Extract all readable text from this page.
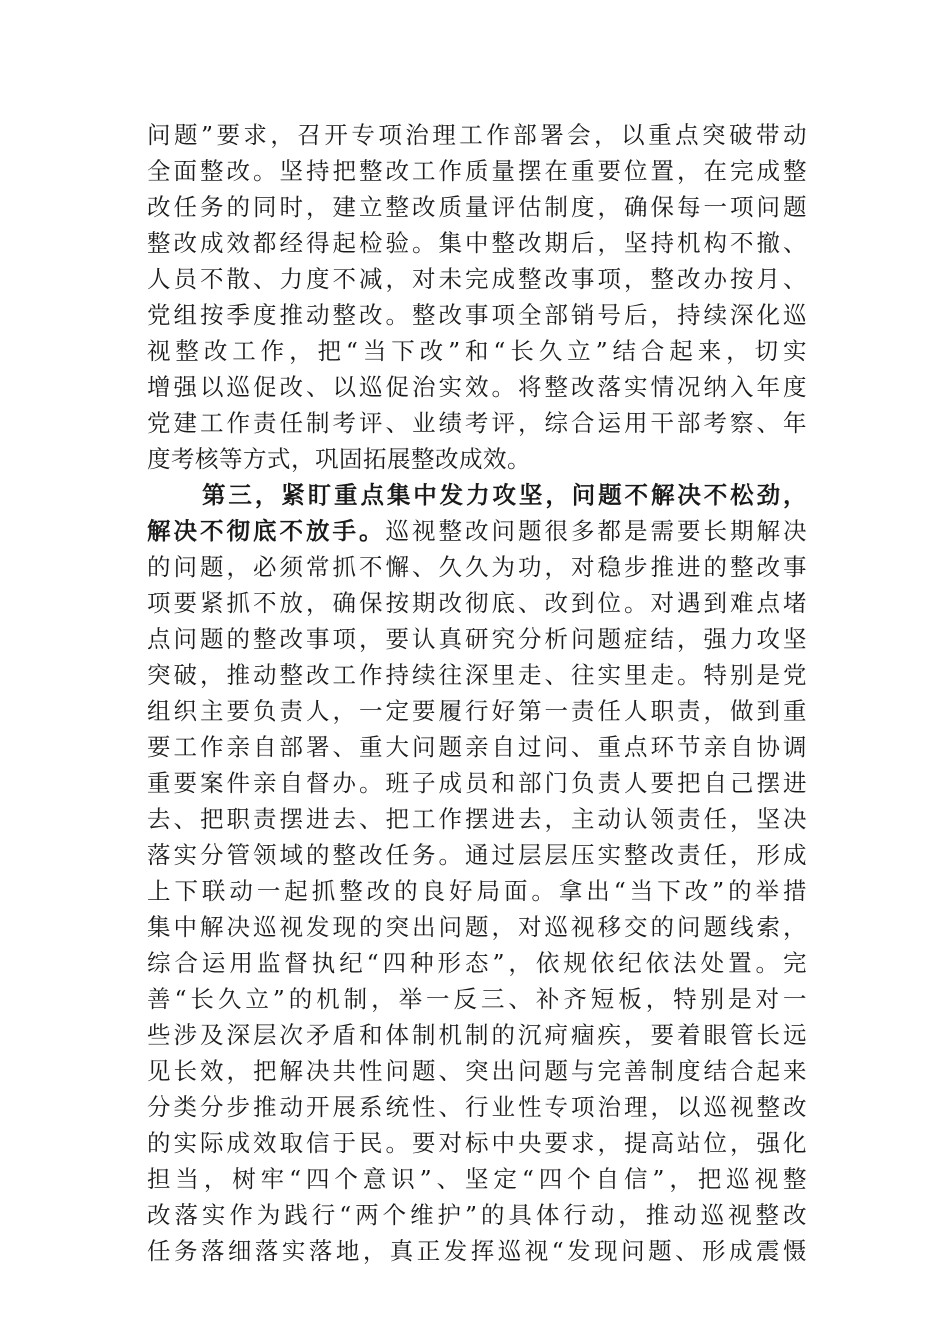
问题”要求，召开专项治理工作部署会，以重点突破带动
全面整改。坚持把整改工作质量摆在重要位置，在完成整
改任务的同时，建立整改质量评估制度，确保每一项问题
整改成效都经得起检验。集中整改期后，坚持机构不撤、
人员不散、力度不减，对未完成整改事项，整改办按月、
党组按季度推动整改。整改事项全部销号后，持续深化巡
视整改工作，把“当下改”和“长久立”结合起来，切实
增强以巡促改、以巡促治实效。将整改落实情况纳入年度
党建工作责任制考评、业绩考评，综合运用干部考察、年
度考核等方式，巩固拓展整改成效。
第三，紧盯重点集中发力攻坚，问题不解决不松劲，
解决不彻底不放手。巡视整改问题很多都是需要长期解决
的问题，必须常抓不懈、久久为功，对稳步推进的整改事
项要紧抓不放，确保按期改彻底、改到位。对遇到难点堵
点问题的整改事项，要认真研究分析问题症结，强力攻坚
突破，推动整改工作持续往深里走、往实里走。特别是党
组织主要负责人，一定要履行好第一责任人职责，做到重
要工作亲自部署、重大问题亲自过问、重点环节亲自协调
重要案件亲自督办。班子成员和部门负责人要把自己摆进
去、把职责摆进去、把工作摆进去，主动认领责任，坚决
落实分管领域的整改任务。通过层层压实整改责任，形成
上下联动一起抓整改的良好局面。拿出“当下改”的举措
集中解决巡视发现的突出问题，对巡视移交的问题线索，
综合运用监督执纪“四种形态”，依规依纪依法处置。完
善“长久立”的机制，举一反三、补齐短板，特别是对一
些涉及深层次矛盾和体制机制的沉疴痼疾，要着眼管长远
见长效，把解决共性问题、突出问题与完善制度结合起来
分类分步推动开展系统性、行业性专项治理，以巡视整改
的实际成效取信于民。要对标中央要求，提高站位，强化
担当，树牢“四个意识”、坚定“四个自信”，把巡视整
改落实作为践行“两个维护”的具体行动，推动巡视整改
任务落细落实落地，真正发挥巡视“发现问题、形成震慑
